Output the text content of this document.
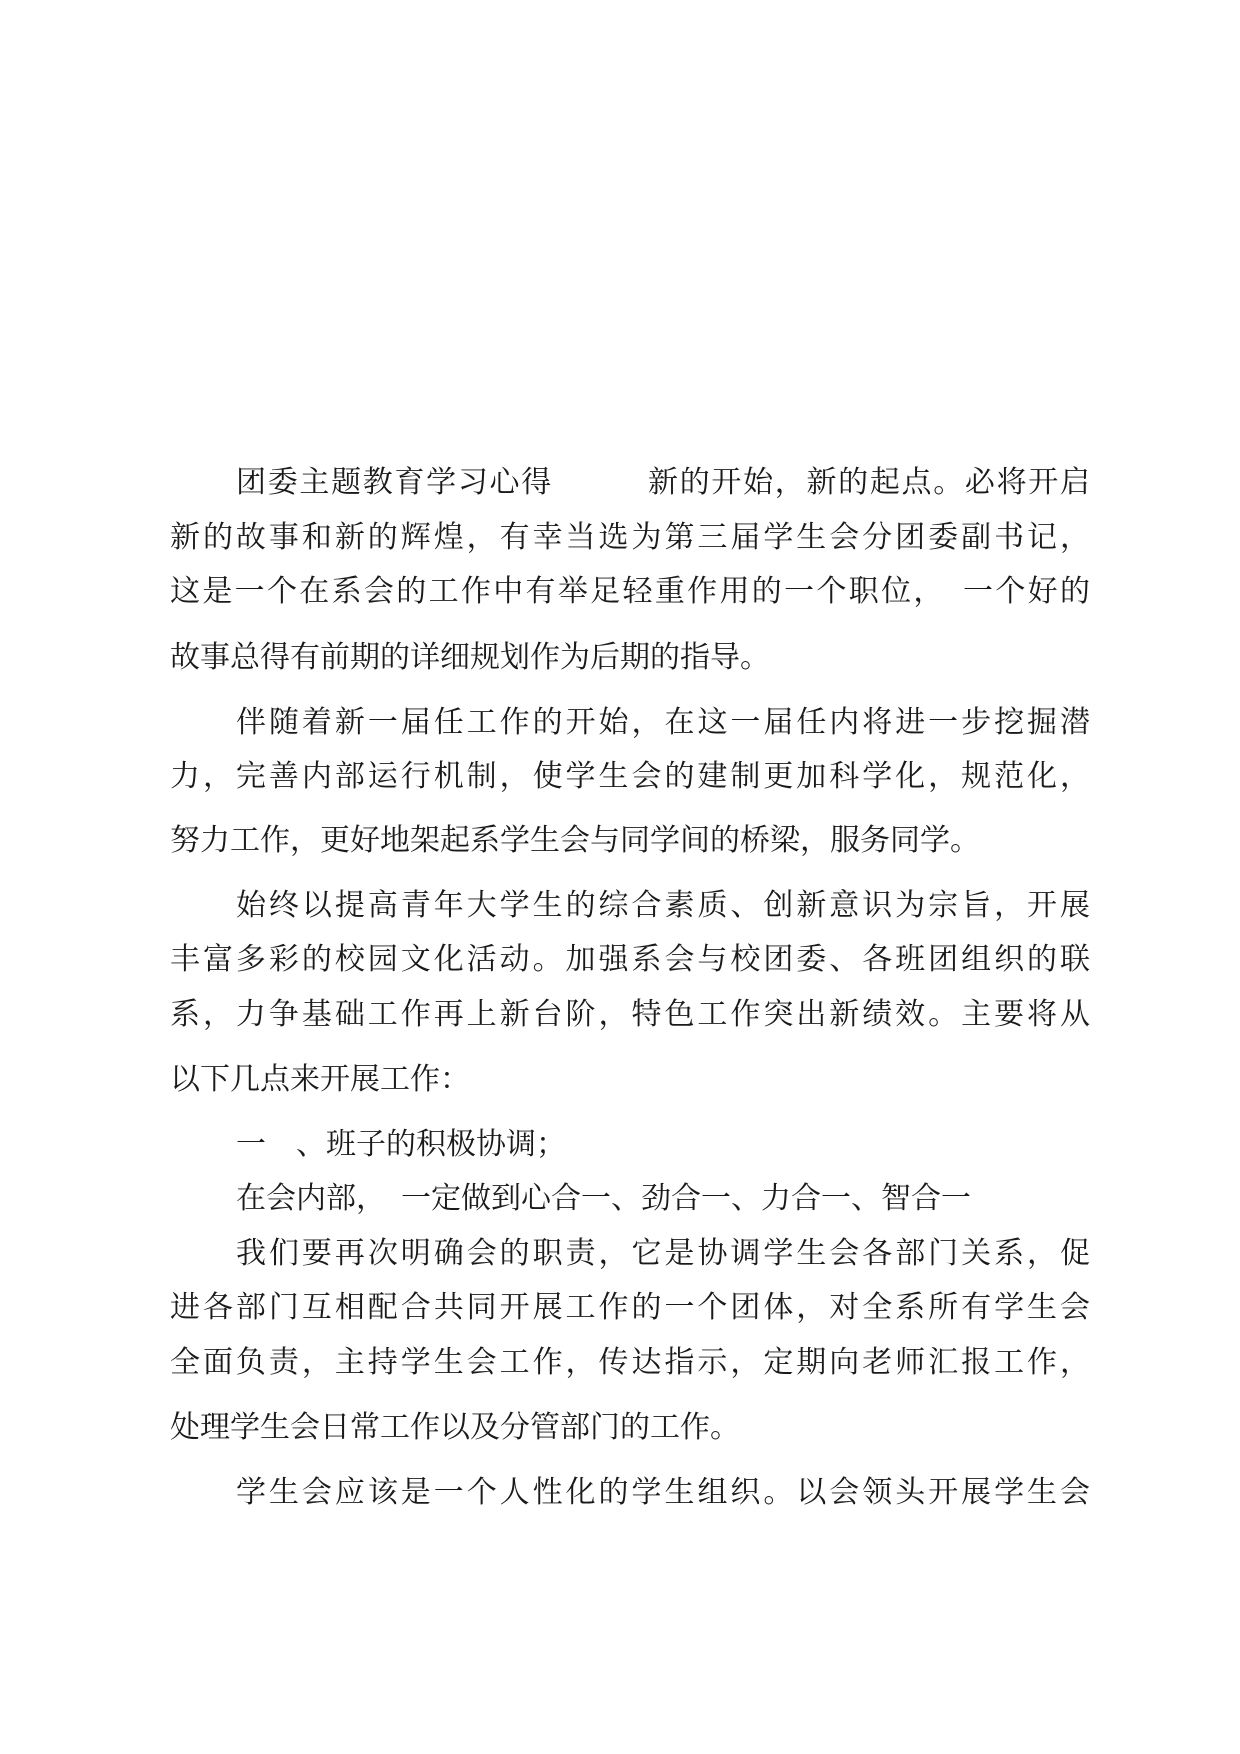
团委主题教育学习心得　　　新的开始，新的起点。必将开启
新的故事和新的辉煌，有幸当选为第三届学生会分团委副书记，
这是一个在系会的工作中有举足轻重作用的一个职位，　一个好的
故事总得有前期的详细规划作为后期的指导。
伴随着新一届任工作的开始，在这一届任内将进一步挖掘潜
力，完善内部运行机制，使学生会的建制更加科学化，规范化，
努力工作，更好地架起系学生会与同学间的桥梁，服务同学。
始终以提高青年大学生的综合素质、创新意识为宗旨，开展
丰富多彩的校园文化活动。加强系会与校团委、各班团组织的联
系，力争基础工作再上新台阶，特色工作突出新绩效。主要将从
以下几点来开展工作：
一　、班子的积极协调；
在会内部，　一定做到心合一、劲合一、力合一、智合一
我们要再次明确会的职责，它是协调学生会各部门关系，促
进各部门互相配合共同开展工作的一个团体，对全系所有学生会
全面负责，主持学生会工作，传达指示，定期向老师汇报工作，
处理学生会日常工作以及分管部门的工作。
学生会应该是一个人性化的学生组织。以会领头开展学生会
